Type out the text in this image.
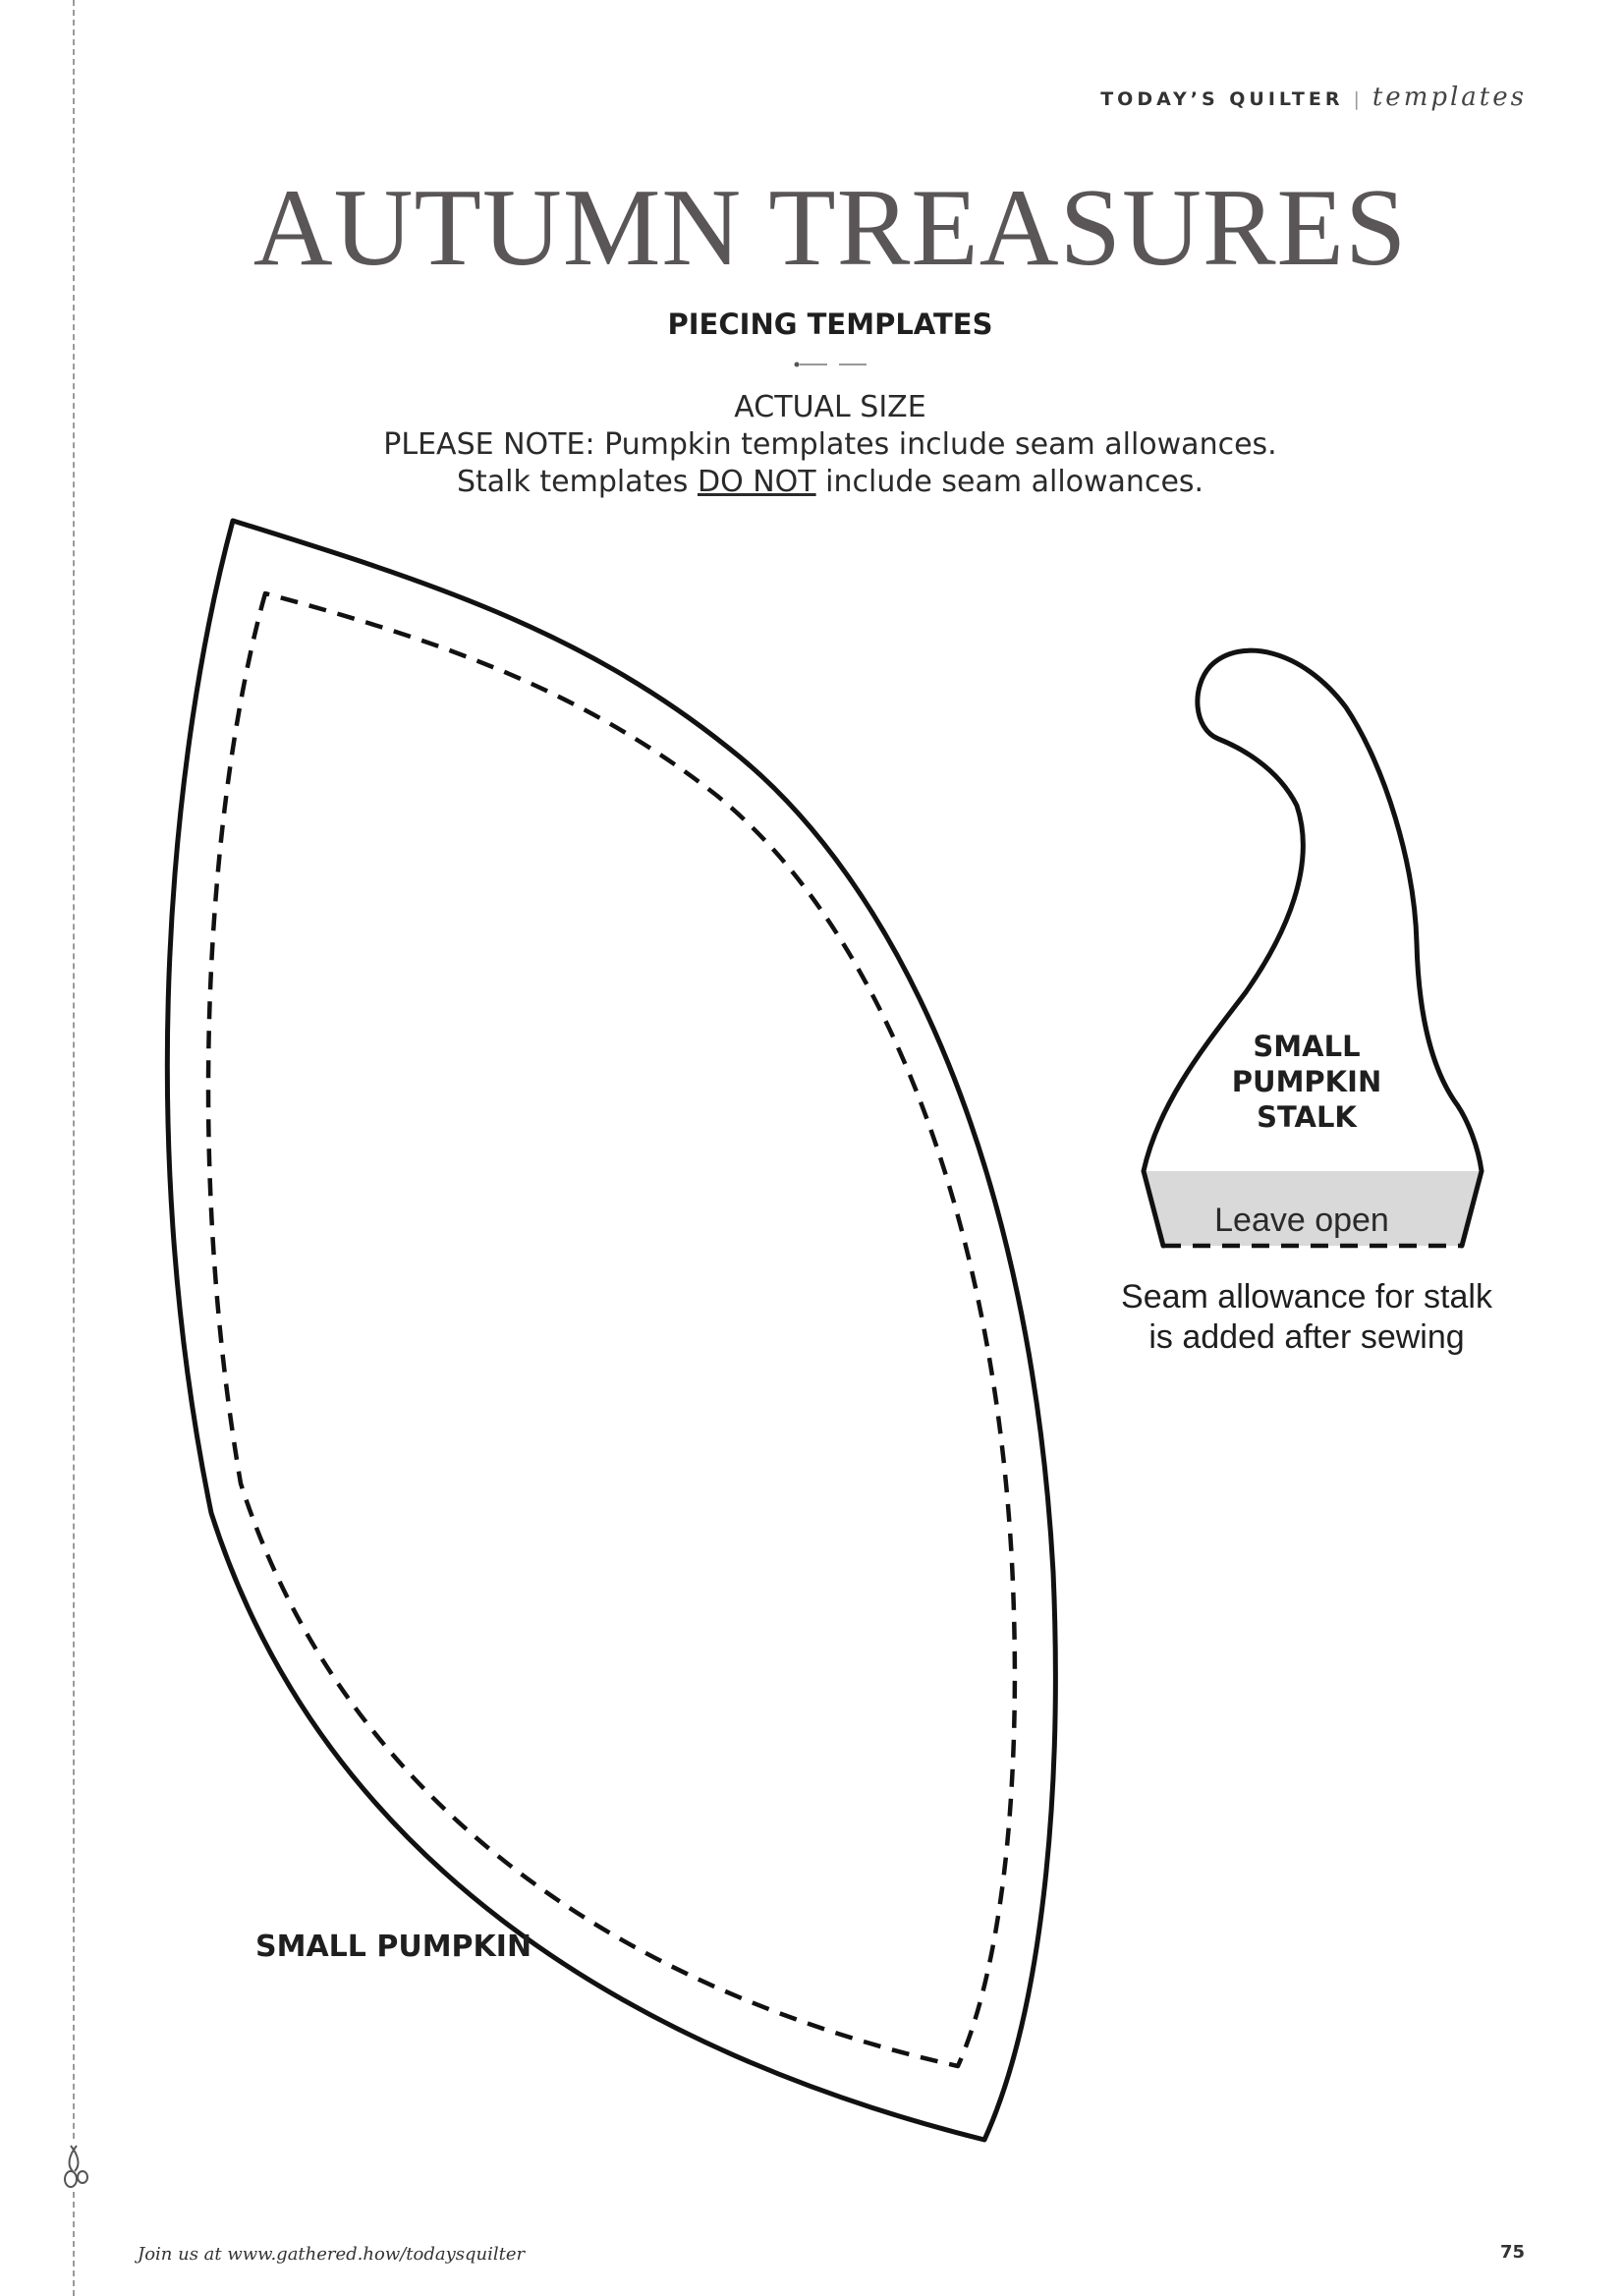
TODAY’S QUILTER | templates
AUTUMN TREASURES

PIECING TEMPLATES

ACTUAL SIZE
PLEASE NOTE: Pumpkin templates include seam allowances.
Stalk templates DO NOT include seam allowances.

SMALL PUMPKIN

SMALL
PUMPKIN
STALK
Leave open
Seam allowance for stalk
is added after sewing
Join us at www.gathered.how/todaysquilter	75
